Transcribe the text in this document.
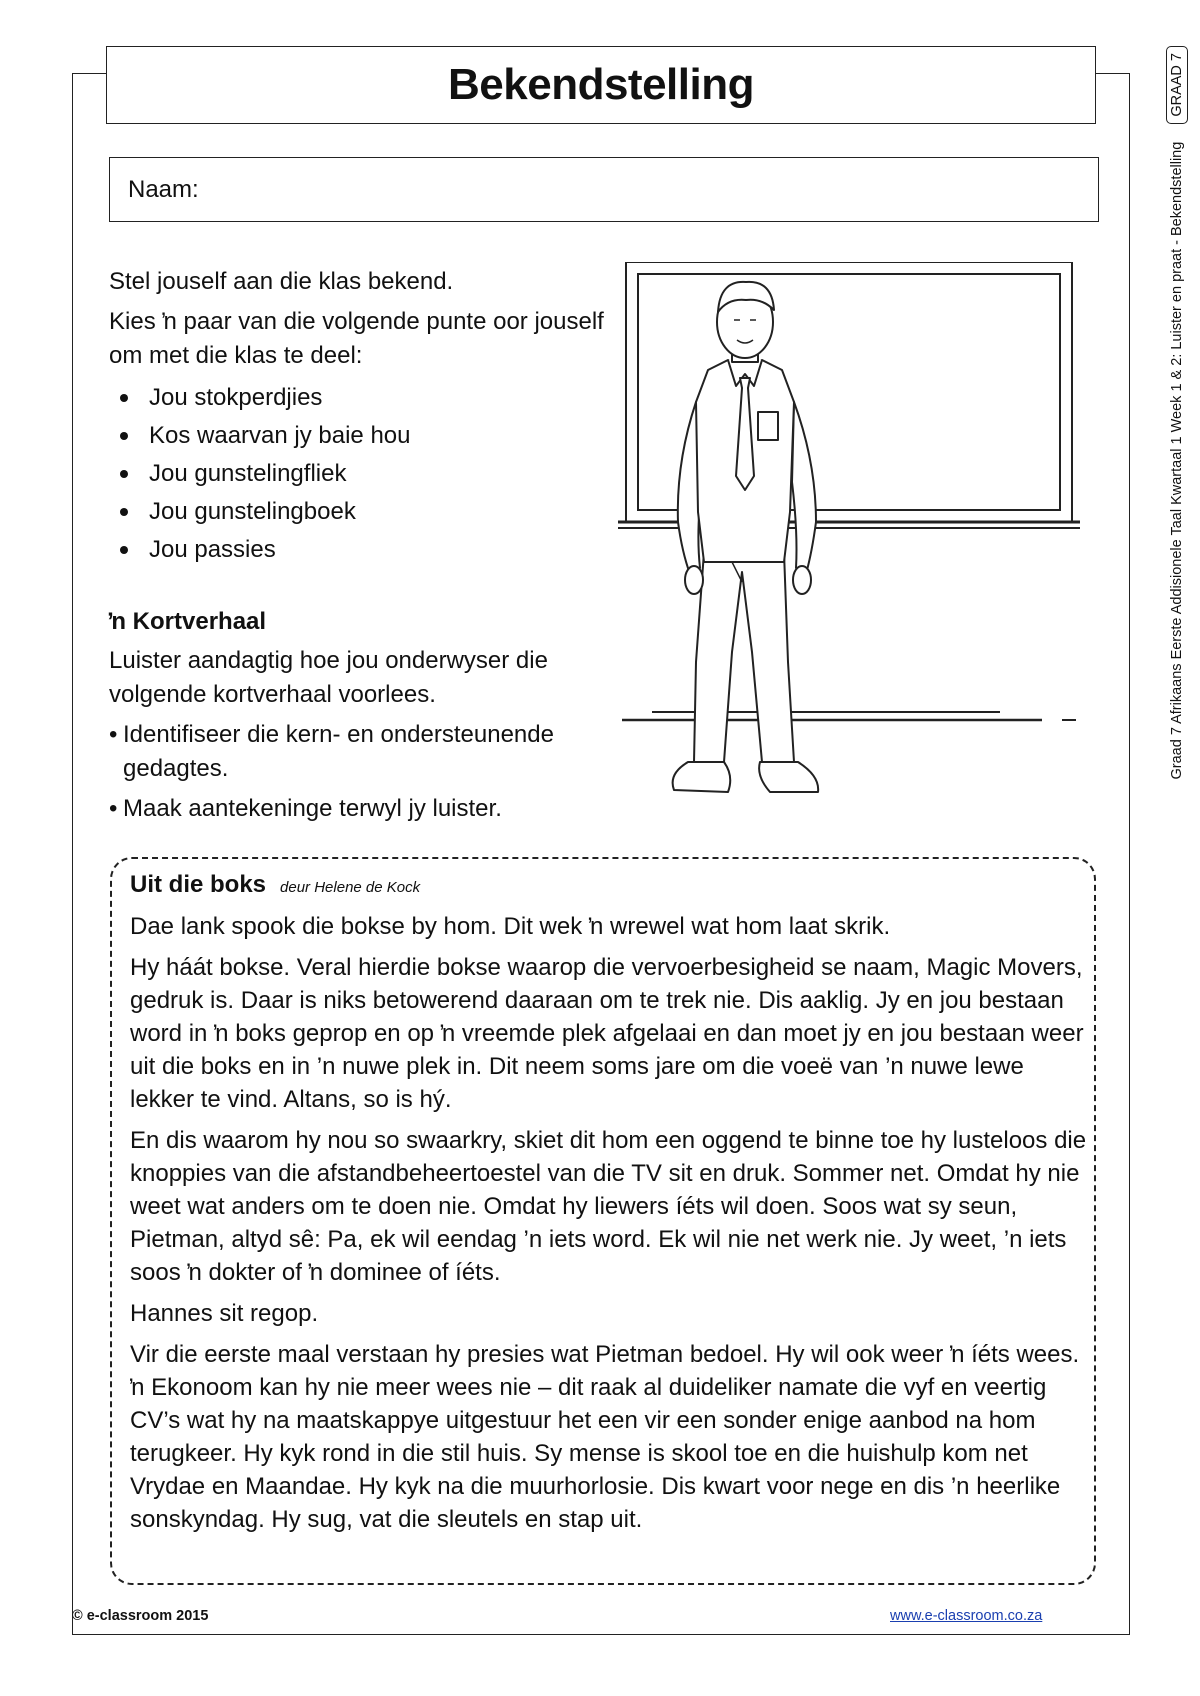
Bekendstelling
Naam:	Graad 7 Afrikaans Eerste Addisionele Taal Kwartaal 1 Week 1 & 2: Luister en praat - Bekendstelling
GRAAD 7

Stel jouself aan die klas bekend.

Kies ŉ paar van die volgende punte oor jouself om met die klas te deel:

Jou stokperdjies
Kos waarvan jy baie hou
Jou gunstelingfliek
Jou gunstelingboek
Jou passies
ŉ Kortverhaal

Luister aandagtig hoe jou onderwyser die volgende kortverhaal voorlees.

• Identifiseer die kern- en ondersteunende gedagtes.
• Maak aantekeninge terwyl jy luister.
Uit die boks deur Helene de Kock

Dae lank spook die bokse by hom. Dit wek ŉ wrewel wat hom laat skrik.

Hy háát bokse. Veral hierdie bokse waarop die vervoerbesigheid se naam, Magic Movers, gedruk is. Daar is niks betowerend daaraan om te trek nie. Dis aaklig. Jy en jou bestaan word in ŉ boks geprop en op ŉ vreemde plek afgelaai en dan moet jy en jou bestaan weer uit die boks en in ’n nuwe plek in. Dit neem soms jare om die voeë van ’n nuwe lewe lekker te vind. Altans, so is hý.

En dis waarom hy nou so swaarkry, skiet dit hom een oggend te binne toe hy lusteloos die knoppies van die afstandbeheertoestel van die TV sit en druk. Sommer net. Omdat hy nie weet wat anders om te doen nie. Omdat hy liewers íéts wil doen. Soos wat sy seun, Pietman, altyd sê: Pa, ek wil eendag ’n iets word. Ek wil nie net werk nie. Jy weet, ’n iets soos ŉ dokter of ŉ dominee of íéts.

Hannes sit regop.

Vir die eerste maal verstaan hy presies wat Pietman bedoel. Hy wil ook weer ŉ íéts wees. ŉ Ekonoom kan hy nie meer wees nie – dit raak al duideliker namate die vyf en veertig CV’s wat hy na maatskappye uitgestuur het een vir een sonder enige aanbod na hom terugkeer. Hy kyk rond in die stil huis. Sy mense is skool toe en die huishulp kom net Vrydae en Maandae. Hy kyk na die muurhorlosie. Dis kwart voor nege en dis ’n heerlike sonskyndag. Hy sug, vat die sleutels en stap uit.

© e-classroom 2015	www.e-classroom.co.za
